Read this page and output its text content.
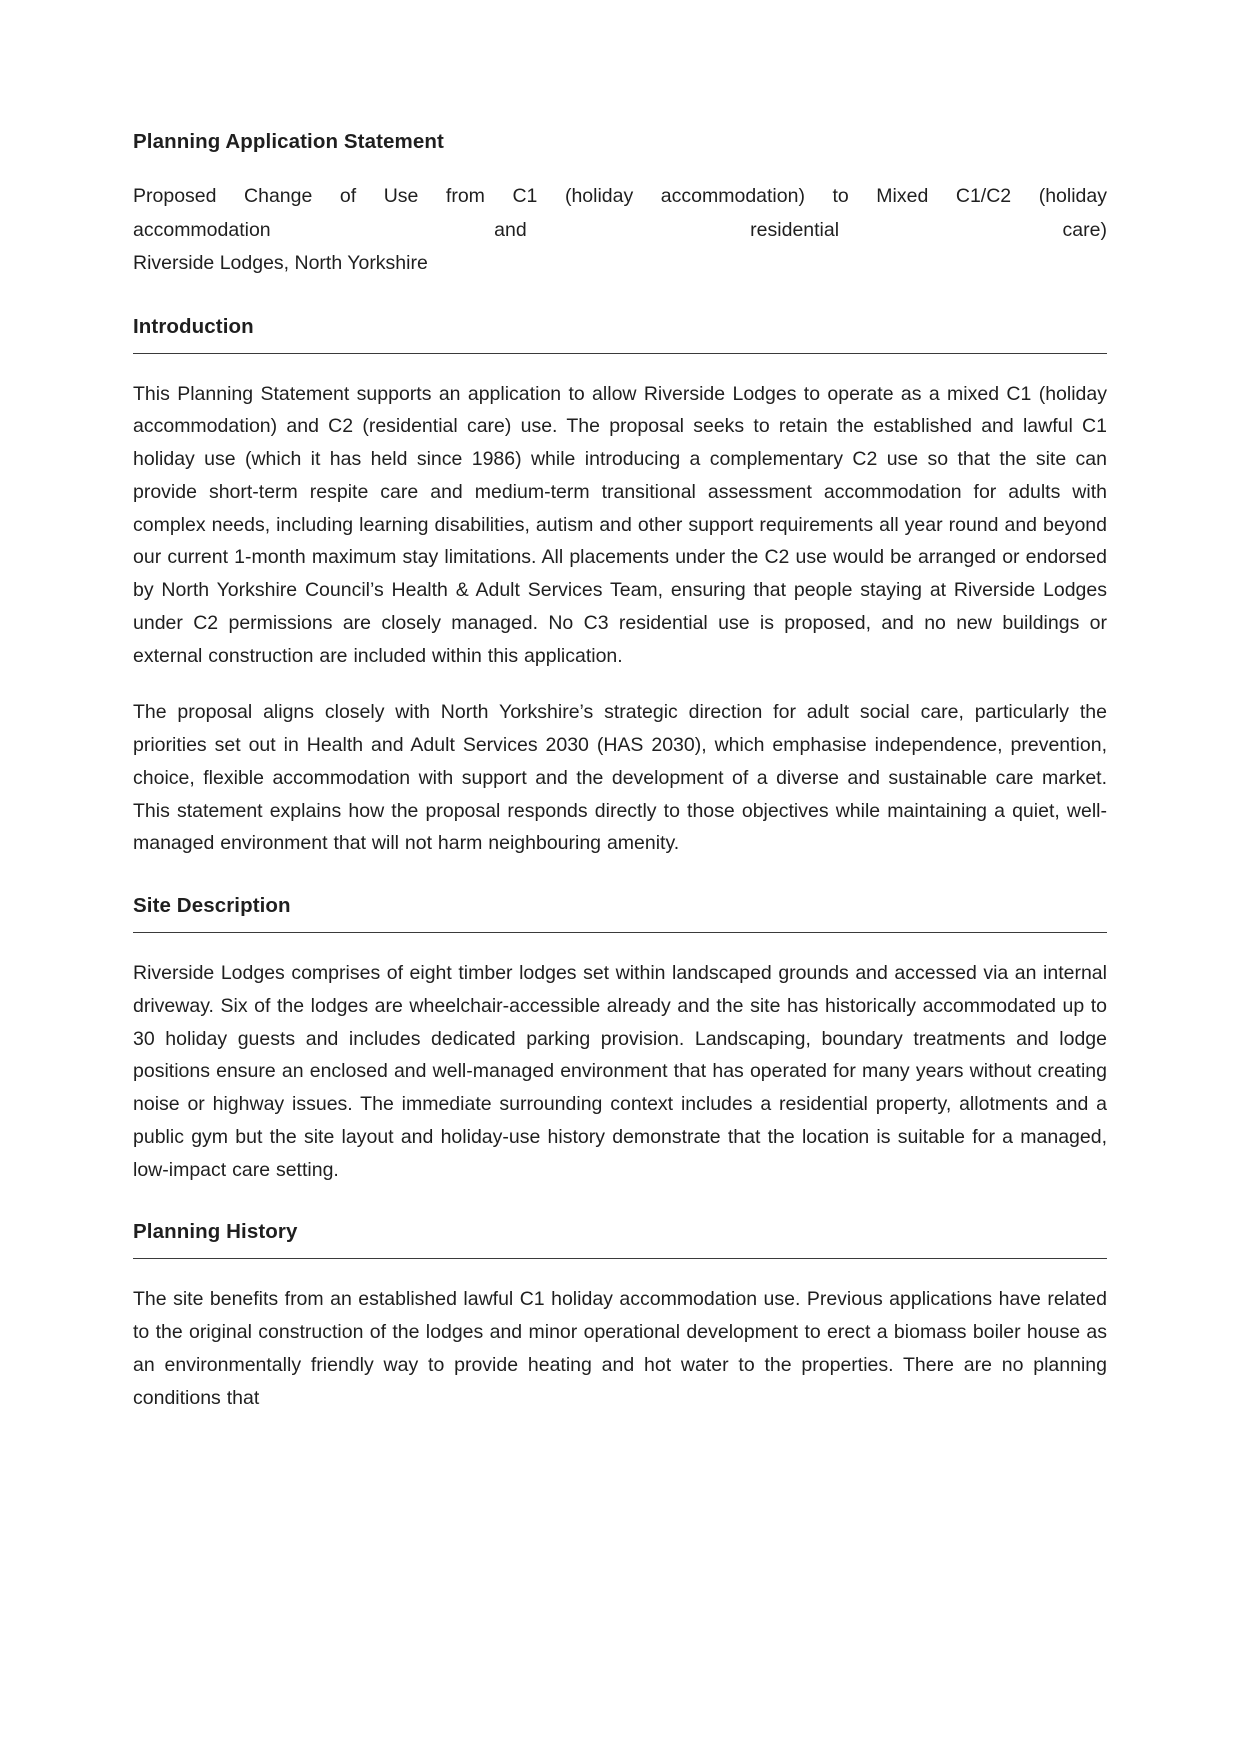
Planning Application Statement

Proposed Change of Use from C1 (holiday accommodation) to Mixed C1/C2 (holiday
accommodation and residential care)
Riverside Lodges, North Yorkshire

Introduction

This Planning Statement supports an application to allow Riverside Lodges to operate as a mixed C1 (holiday accommodation) and C2 (residential care) use. The proposal seeks to retain the established and lawful C1 holiday use (which it has held since 1986) while introducing a complementary C2 use so that the site can provide short-term respite care and medium-term transitional assessment accommodation for adults with complex needs, including learning disabilities, autism and other support requirements all year round and beyond our current 1-month maximum stay limitations. All placements under the C2 use would be arranged or endorsed by North Yorkshire Council’s Health & Adult Services Team, ensuring that people staying at Riverside Lodges under C2 permissions are closely managed. No C3 residential use is proposed, and no new buildings or external construction are included within this application.

The proposal aligns closely with North Yorkshire’s strategic direction for adult social care, particularly the priorities set out in Health and Adult Services 2030 (HAS 2030), which emphasise independence, prevention, choice, flexible accommodation with support and the development of a diverse and sustainable care market. This statement explains how the proposal responds directly to those objectives while maintaining a quiet, well-managed environment that will not harm neighbouring amenity.

Site Description

Riverside Lodges comprises of eight timber lodges set within landscaped grounds and accessed via an internal driveway. Six of the lodges are wheelchair-accessible already and the site has historically accommodated up to 30 holiday guests and includes dedicated parking provision. Landscaping, boundary treatments and lodge positions ensure an enclosed and well-managed environment that has operated for many years without creating noise or highway issues. The immediate surrounding context includes a residential property, allotments and a public gym but the site layout and holiday-use history demonstrate that the location is suitable for a managed, low-impact care setting.

Planning History

The site benefits from an established lawful C1 holiday accommodation use. Previous applications have related to the original construction of the lodges and minor operational development to erect a biomass boiler house as an environmentally friendly way to provide heating and hot water to the properties. There are no planning conditions that
